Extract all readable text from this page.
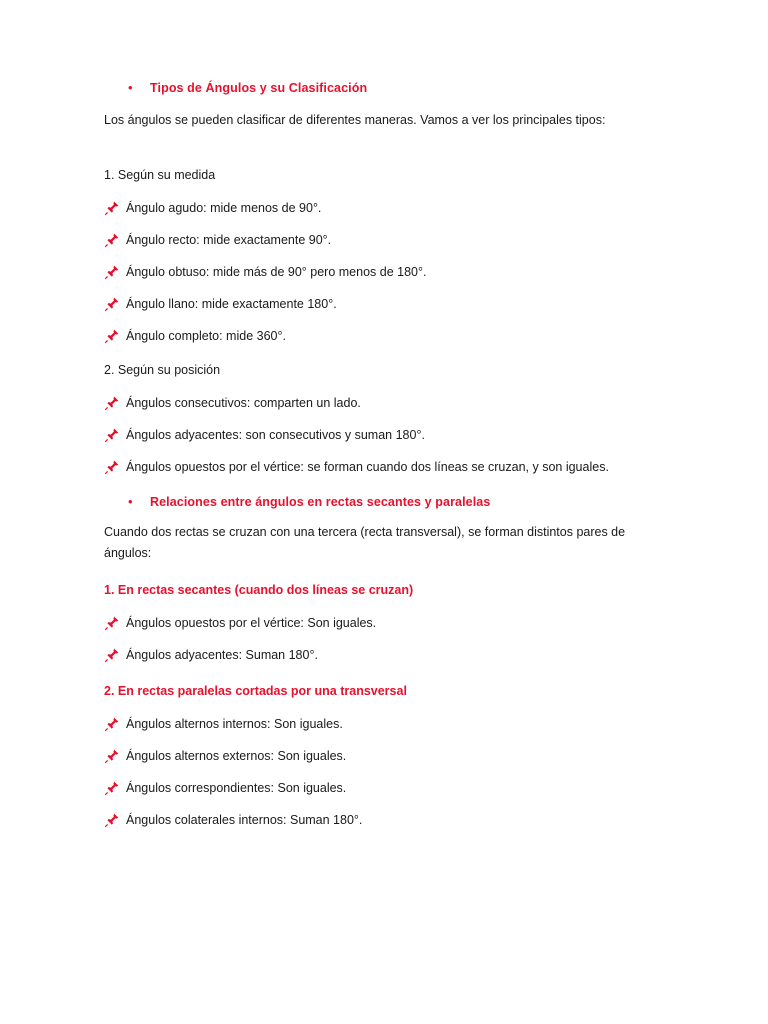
•	Tipos de Ángulos y su Clasificación

Los ángulos se pueden clasificar de diferentes maneras. Vamos a ver los principales tipos:

1. Según su medida

Ángulo agudo: mide menos de 90°.
Ángulo recto: mide exactamente 90°.
Ángulo obtuso: mide más de 90° pero menos de 180°.
Ángulo llano: mide exactamente 180°.
Ángulo completo: mide 360°.

2. Según su posición

Ángulos consecutivos: comparten un lado.
Ángulos adyacentes: son consecutivos y suman 180°.
Ángulos opuestos por el vértice: se forman cuando dos líneas se cruzan, y son iguales.
•	Relaciones entre ángulos en rectas secantes y paralelas

Cuando dos rectas se cruzan con una tercera (recta transversal), se forman distintos pares de ángulos:

1. En rectas secantes (cuando dos líneas se cruzan)

Ángulos opuestos por el vértice: Son iguales.
Ángulos adyacentes: Suman 180°.

2. En rectas paralelas cortadas por una transversal

Ángulos alternos internos: Son iguales.
Ángulos alternos externos: Son iguales.
Ángulos correspondientes: Son iguales.
Ángulos colaterales internos: Suman 180°.
